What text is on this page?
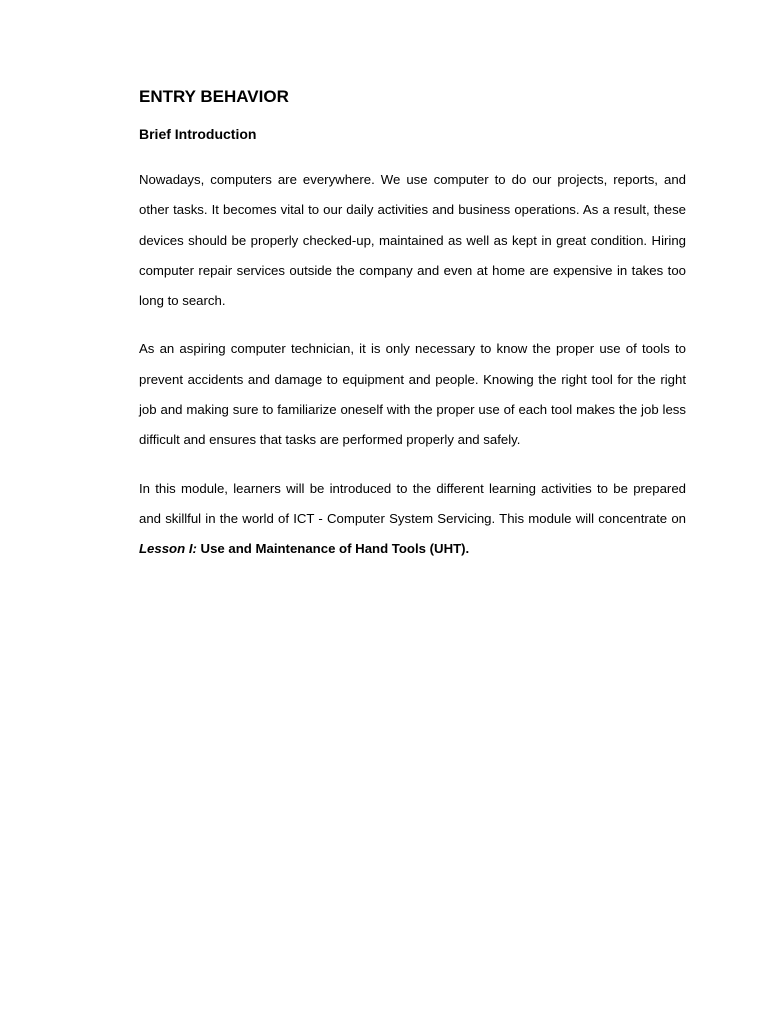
ENTRY BEHAVIOR
Brief Introduction

Nowadays, computers are everywhere. We use computer to do our projects, reports, and other tasks. It becomes vital to our daily activities and business operations. As a result, these devices should be properly checked-up, maintained as well as kept in great condition. Hiring computer repair services outside the company and even at home are expensive in takes too long to search.

As an aspiring computer technician, it is only necessary to know the proper use of tools to prevent accidents and damage to equipment and people. Knowing the right tool for the right job and making sure to familiarize oneself with the proper use of each tool makes the job less difficult and ensures that tasks are performed properly and safely.

In this module, learners will be introduced to the different learning activities to be prepared and skillful in the world of ICT - Computer System Servicing. This module will concentrate on Lesson I: Use and Maintenance of Hand Tools (UHT).
